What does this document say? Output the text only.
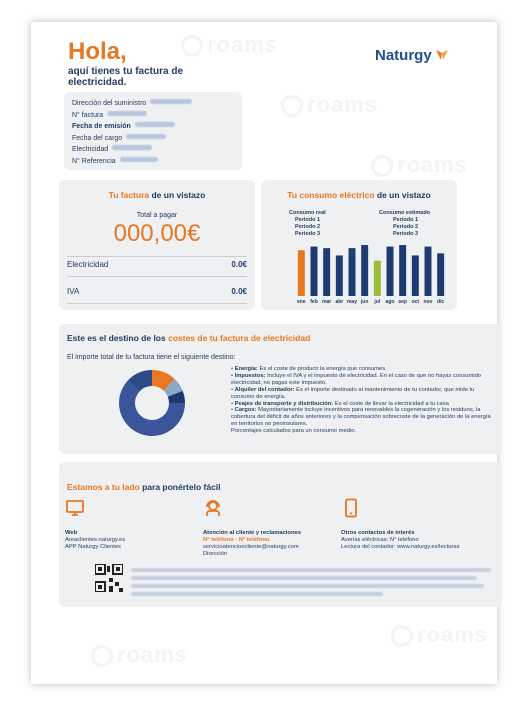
roams
roams
roams
roams
roams
Hola,
aquí tienes tu factura de electricidad.
Naturgy
Dirección del suministro
N° factura
Fecha de emisión
Fecha del cargo
Electricidad
N° Referencia
Tu factura de un vistazo
Total a pagar
000,00€
Electricidad	0.0€
IVA	0.0€
Tu consumo eléctrico de un vistazo
Consumo real
Periodo 1
Periodo 2
Periodo 3
Consumo estimado
Periodo 1
Periodo 2
Periodo 3
ene feb mar abr may jun jul ago sep oct nov dic
Este es el destino de los costes de tu factura de electricidad
El importe total de tu factura tiene el siguiente destino:
• Energía: Es el coste de producir la energía que consumes.
• Impuestos: Incluye el IVA y el impuesto de electricidad. En el caso de que no hayas consumido electricidad, no pagas este impuesto.
• Alquiler del contador: Es el importe destinado al mantenimiento de tu contador, que mide tu consumo de energía.
• Peajes de transporte y distribución: Es el coste de llevar la electricidad a tu casa
• Cargos: Mayoritariamente incluye incentivos para renovables la cogeneración y los residuos, la cobertura del déficit de años anteriores y la compensación sobrecoste de la generación de la energía en territorios no peninsulares.
Porcentajes calculados para un consumo medio.
Estamos a tu lado para ponértelo fácil
Web
Areaclientes.naturgy.es
APP Naturgy Clientes
Atención al cliente y reclamaciones
N° teléfono - N° teléfono
servicioatencioncliente@naturgy.com
Dirección
Otros contactos de interés
Averías eléctricas: N° teléfono
Lectura del contador: www.naturgy.es/lecturas
